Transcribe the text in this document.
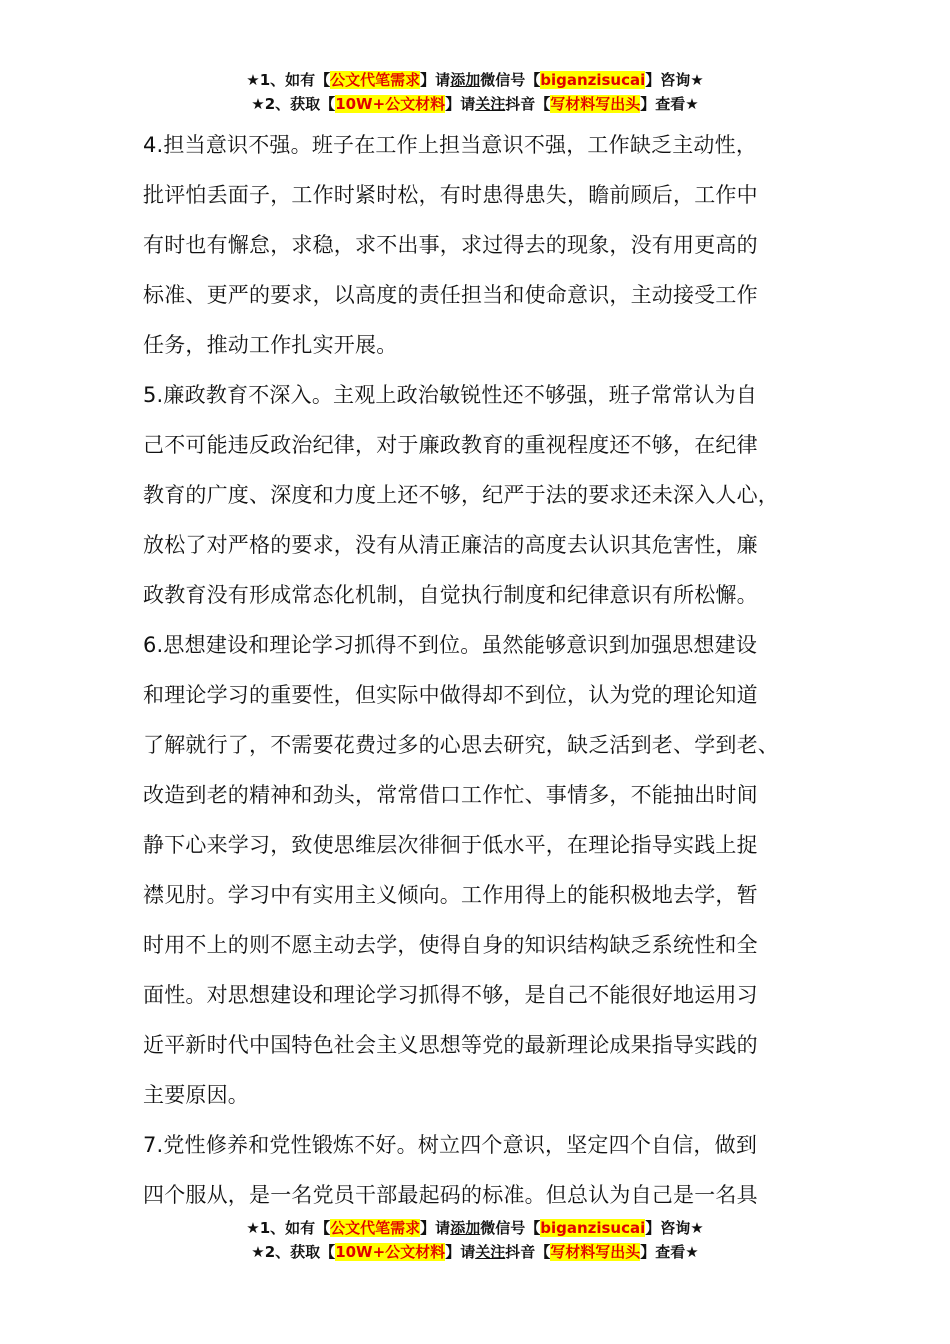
★1、如有【公文代笔需求】请添加微信号【biganzisucai】咨询★
★2、获取【10W+公文材料】请关注抖音【写材料写出头】查看★

4.担当意识不强。班子在工作上担当意识不强，工作缺乏主动性，
批评怕丢面子，工作时紧时松，有时患得患失，瞻前顾后，工作中
有时也有懈怠，求稳，求不出事，求过得去的现象，没有用更高的
标准、更严的要求，以高度的责任担当和使命意识，主动接受工作
任务，推动工作扎实开展。

5.廉政教育不深入。主观上政治敏锐性还不够强，班子常常认为自
己不可能违反政治纪律，对于廉政教育的重视程度还不够，在纪律
教育的广度、深度和力度上还不够，纪严于法的要求还未深入人心，
放松了对严格的要求，没有从清正廉洁的高度去认识其危害性，廉
政教育没有形成常态化机制，自觉执行制度和纪律意识有所松懈。

6.思想建设和理论学习抓得不到位。虽然能够意识到加强思想建设
和理论学习的重要性，但实际中做得却不到位，认为党的理论知道
了解就行了，不需要花费过多的心思去研究，缺乏活到老、学到老、
改造到老的精神和劲头，常常借口工作忙、事情多，不能抽出时间
静下心来学习，致使思维层次徘徊于低水平，在理论指导实践上捉
襟见肘。学习中有实用主义倾向。工作用得上的能积极地去学，暂
时用不上的则不愿主动去学，使得自身的知识结构缺乏系统性和全
面性。对思想建设和理论学习抓得不够，是自己不能很好地运用习
近平新时代中国特色社会主义思想等党的最新理论成果指导实践的
主要原因。

7.党性修养和党性锻炼不好。树立四个意识，坚定四个自信，做到
四个服从，是一名党员干部最起码的标准。但总认为自己是一名具

★1、如有【公文代笔需求】请添加微信号【biganzisucai】咨询★
★2、获取【10W+公文材料】请关注抖音【写材料写出头】查看★
